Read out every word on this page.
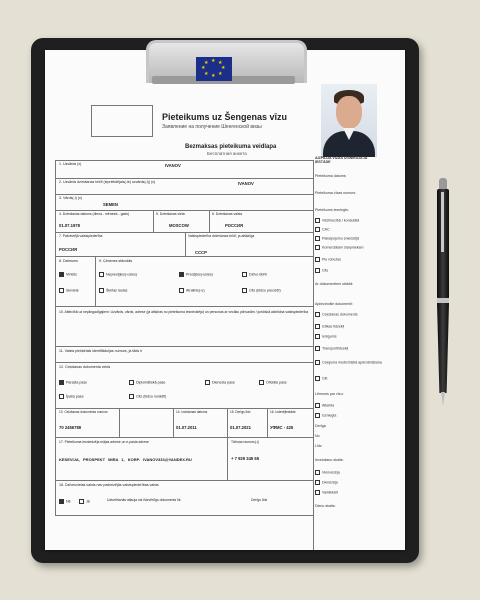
Pieteikums uz Šengenas vīzu
Заявление на получение Шенгенской визы
Bezmaksas pieteikuma veidlapa
Бесплатная анкета
1. Uzvārds (x)	IVANOV
2. Uzvārds dzimšanas brīdī (iepriekšējais(-ie) uzvārds(-i)) (x)	IVANOV
3. Vārds(-i) (x)
SEMEN
4. Dzimšanas datums (diena - mēnesis - gads)
01.07.1978
5. Dzimšanas vieta
MOSCOW
6. Dzimšanas valsts
РОССИЯ
7. Pašreizējā valstspiederība
РОССИЯ
Valstspiederība dzimšanas brīdī, ja atšķirīga
СССР
8. Dzimums
Vīrietis
Sieviete
9. Ģimenes stāvoklis
Neprecējies(-usies)	Precējies(-usies)
Šķirtas laulas	Atraitnis(-e)
Dzīvo šķirti
Cits (lūdzu precizēt)
10. Attiecībā uz nepilngadīgajiem: Uzvārds, vārds, adrese (ja atšķiras no pieteikuma iesniedzēja) un personas ar vecāku pilnvarām / juridiskā aizbildņa valstspiederība
11. Valsts piešķirtais identifikācijas numurs, ja tāds ir
12. Ceļošanas dokumenta veids
Parasta pase	Diplomātiskā pase	Dienesta pase	Oficiāla pase
Īpaša pase	Cits (lūdzu norādīt)
13. Ceļošanas dokumenta numurs
70 2456789
14. Izdošanas datums
01.07.2011
15. Derīgs līdz
01.07.2021
16. Izdevējiestāde
УФМС - 425
17. Pieteikuma iesniedzēja mājas adrese un e-pasta adrese
KESEVIJA, PROSPEKT MIRA 1, KORP. IVANOV333@YANDEX.RU
Tālruņa numurs(-i)
+ 7 929 345 65
18. Dzīvesvietas valsts nav pašreizējās valstspiederības valsts
Nē	Jā	Uzturēšanās atļauja vai līdzvērtīgs dokuments Nr.	Derīgs līdz
AIZPILDA VĪZAS IZSNIEDZĒJA IESTĀDE
Pieteikuma datums:
Pieteikuma vīzas numurs:
Pieteikums iesniegts:
Vēstniecībā / konsulātā
CAC
Pakalpojumu sniedzējā
Komerciālam starpniekam
Pie robežas
Cits
Ar dokumentiem strādā:
Apliecinošie dokumenti:
Ceļošanas dokuments
Iztikas līdzekļi
Ielūgums
Transportlīdzekļi
Ceļojuma medicīniskā apdrošināšana
Citi:
Lēmums par vīzu:
Atteikta
Izsniegta
Derīga
No
Līdz
Ieceļošanu skaits:
Vienreizēja
Divreizēja
Vairākkārt
Dienu skaits:
★ ★
★
★
★
★
★
★
